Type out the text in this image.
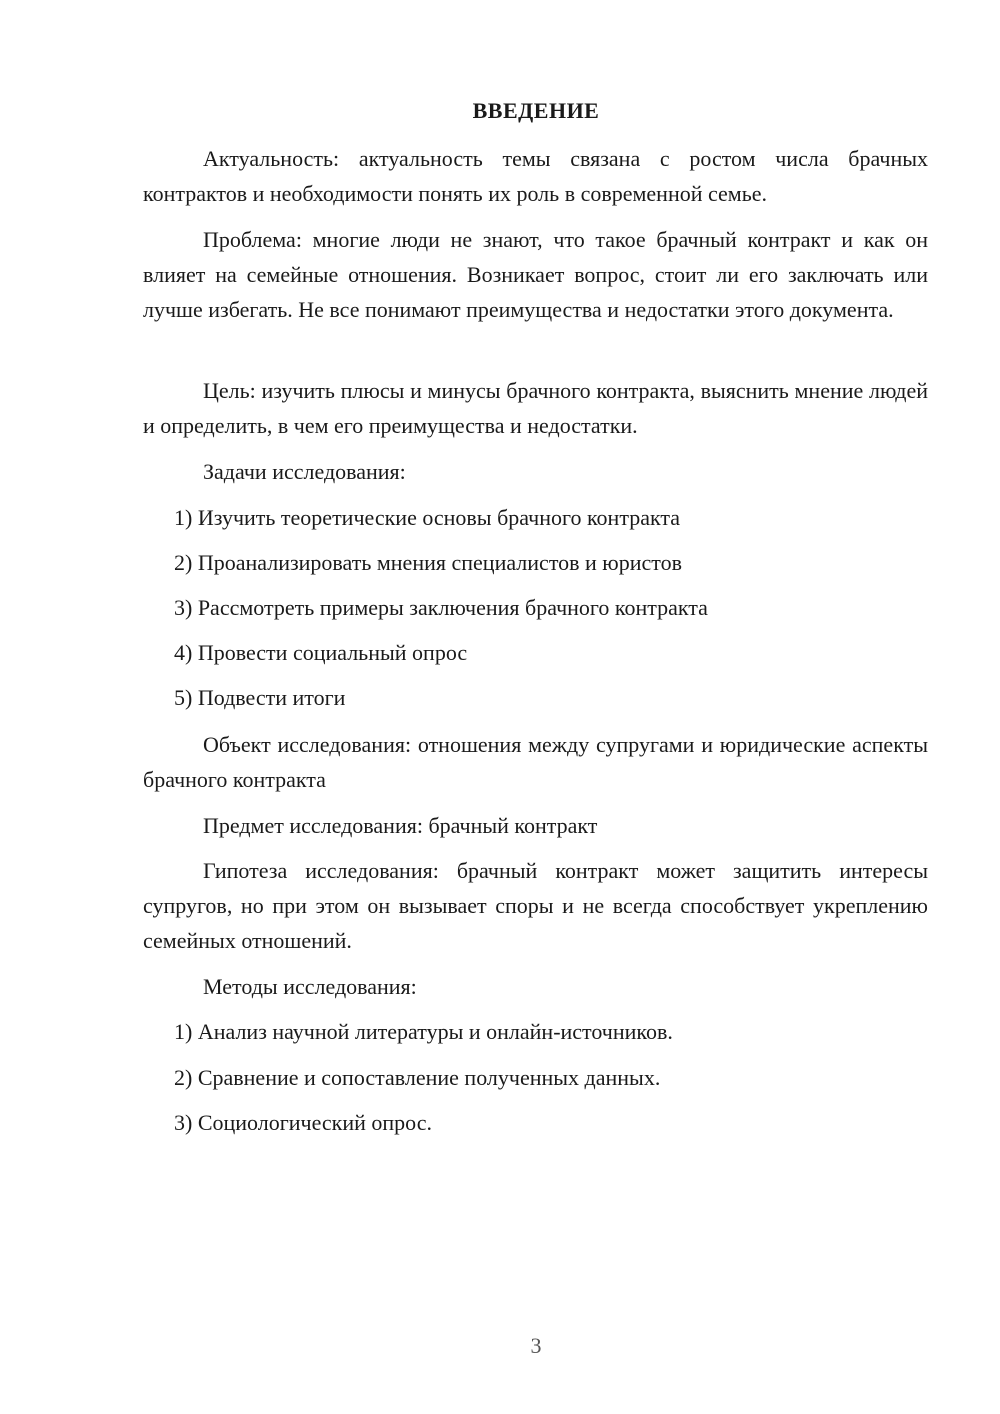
ВВЕДЕНИЕ

Актуальность: актуальность темы связана с ростом числа брачных контрактов и необходимости понять их роль в современной семье.

Проблема: многие люди не знают, что такое брачный контракт и как он влияет на семейные отношения. Возникает вопрос, стоит ли его заключать или лучше избегать. Не все понимают преимущества и недостатки этого документа.

Цель: изучить плюсы и минусы брачного контракта, выяснить мнение людей и определить, в чем его преимущества и недостатки.

Задачи исследования:

1) Изучить теоретические основы брачного контракта

2) Проанализировать мнения специалистов и юристов

3) Рассмотреть примеры заключения брачного контракта

4) Провести социальный опрос

5) Подвести итоги

Объект исследования: отношения между супругами и юридические аспекты брачного контракта

Предмет исследования: брачный контракт

Гипотеза исследования: брачный контракт может защитить интересы супругов, но при этом он вызывает споры и не всегда способствует укреплению семейных отношений.

Методы исследования:

1) Анализ научной литературы и онлайн-источников.

2) Сравнение и сопоставление полученных данных.

3) Социологический опрос.

3
